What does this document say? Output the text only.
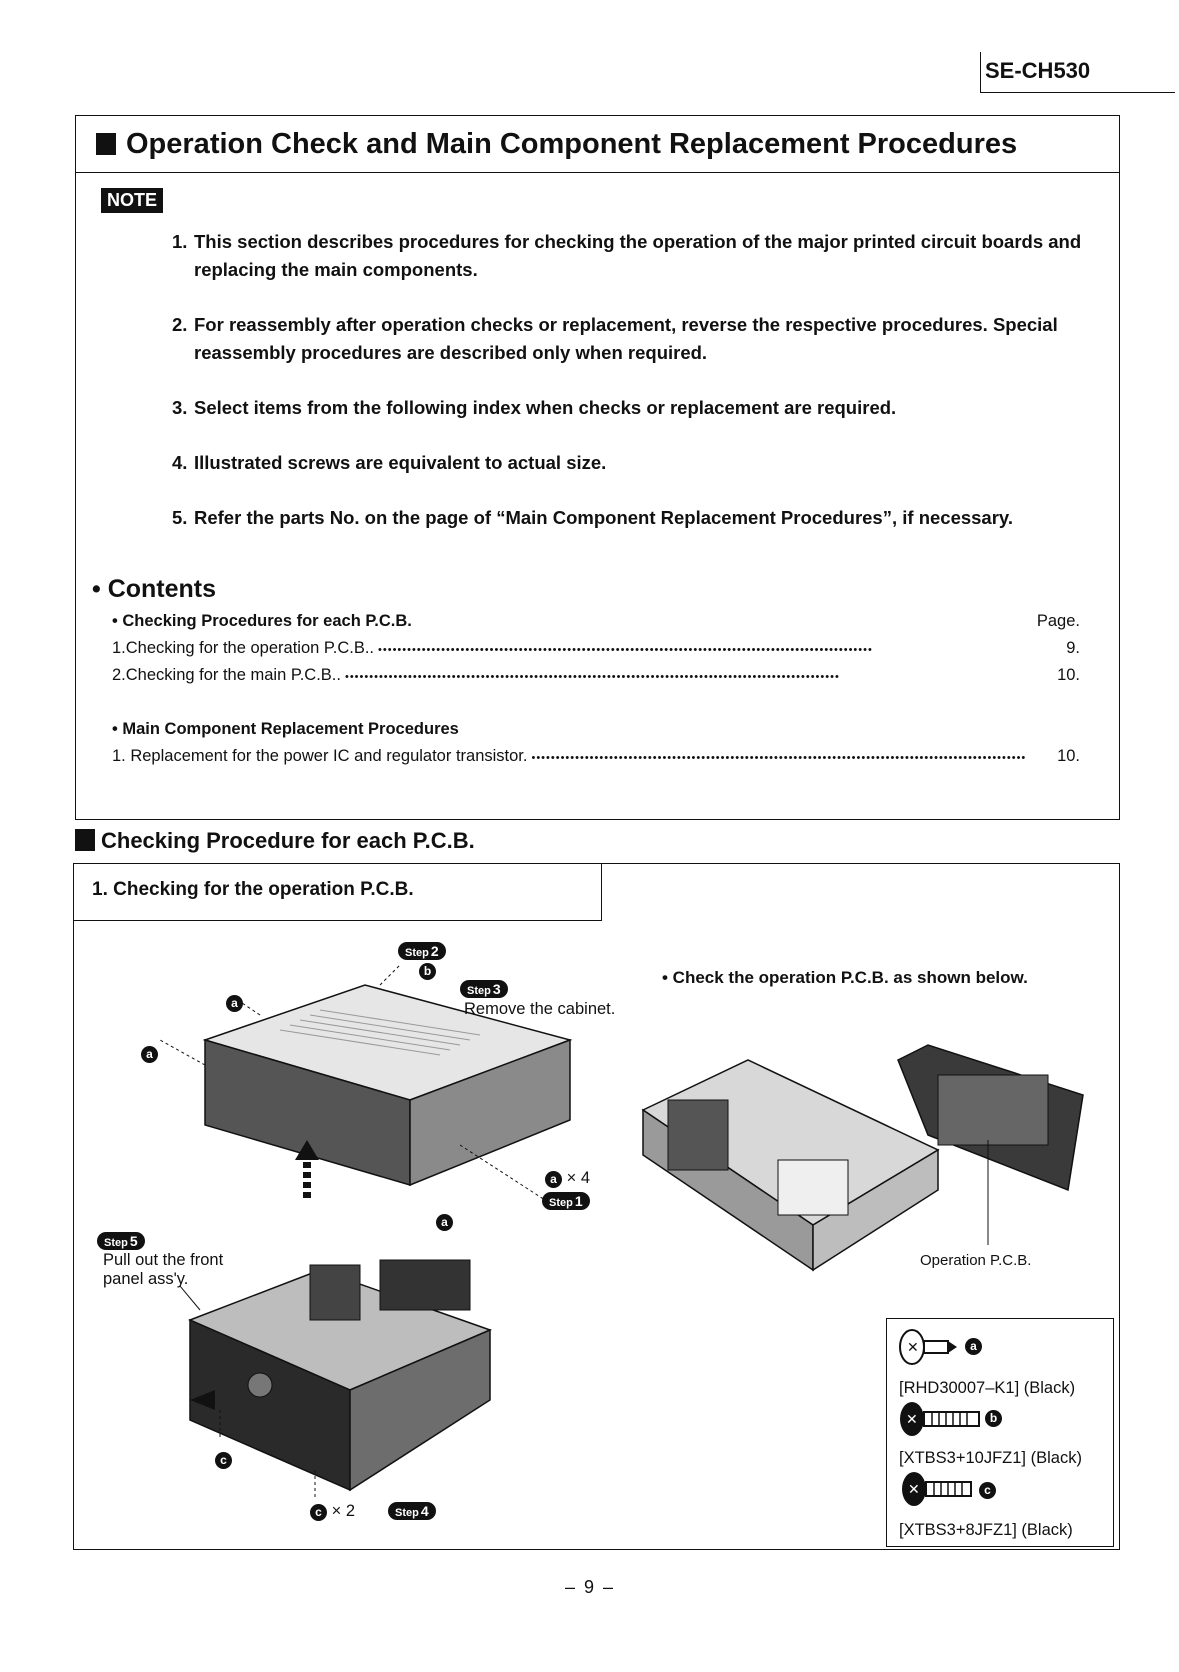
SE-CH530
Operation Check and Main Component Replacement Procedures
NOTE
1. This section describes procedures for checking the operation of the major printed circuit boards and replacing the main components.
2. For reassembly after operation checks or replacement, reverse the respective procedures. Special reassembly procedures are described only when required.
3. Select items from the following index when checks or replacement are required.
4. Illustrated screws are equivalent to actual size.
5. Refer the parts No. on the page of “Main Component Replacement Procedures”, if necessary.
• Contents
• Checking Procedures for each P.C.B.	Page.
1.Checking for the operation P.C.B.. •••••	9.
2.Checking for the main P.C.B.. •••••	10.
• Main Component Replacement Procedures
1. Replacement for the power IC and regulator transistor. •••••	10.
Checking Procedure for each P.C.B.
1. Checking for the operation P.C.B.
Step 2
b
Step 3
Remove the cabinet.
a
a
a
a × 4
Step 1
Step 5
Pull out the front
panel ass'y.
c
c × 2	Step 4
• Check the operation P.C.B. as shown below.
Operation P.C.B.
✕	a
[RHD30007–K1] (Black)
✕	b
[XTBS3+10JFZ1] (Black)
✕	c
[XTBS3+8JFZ1] (Black)
– 9 –
